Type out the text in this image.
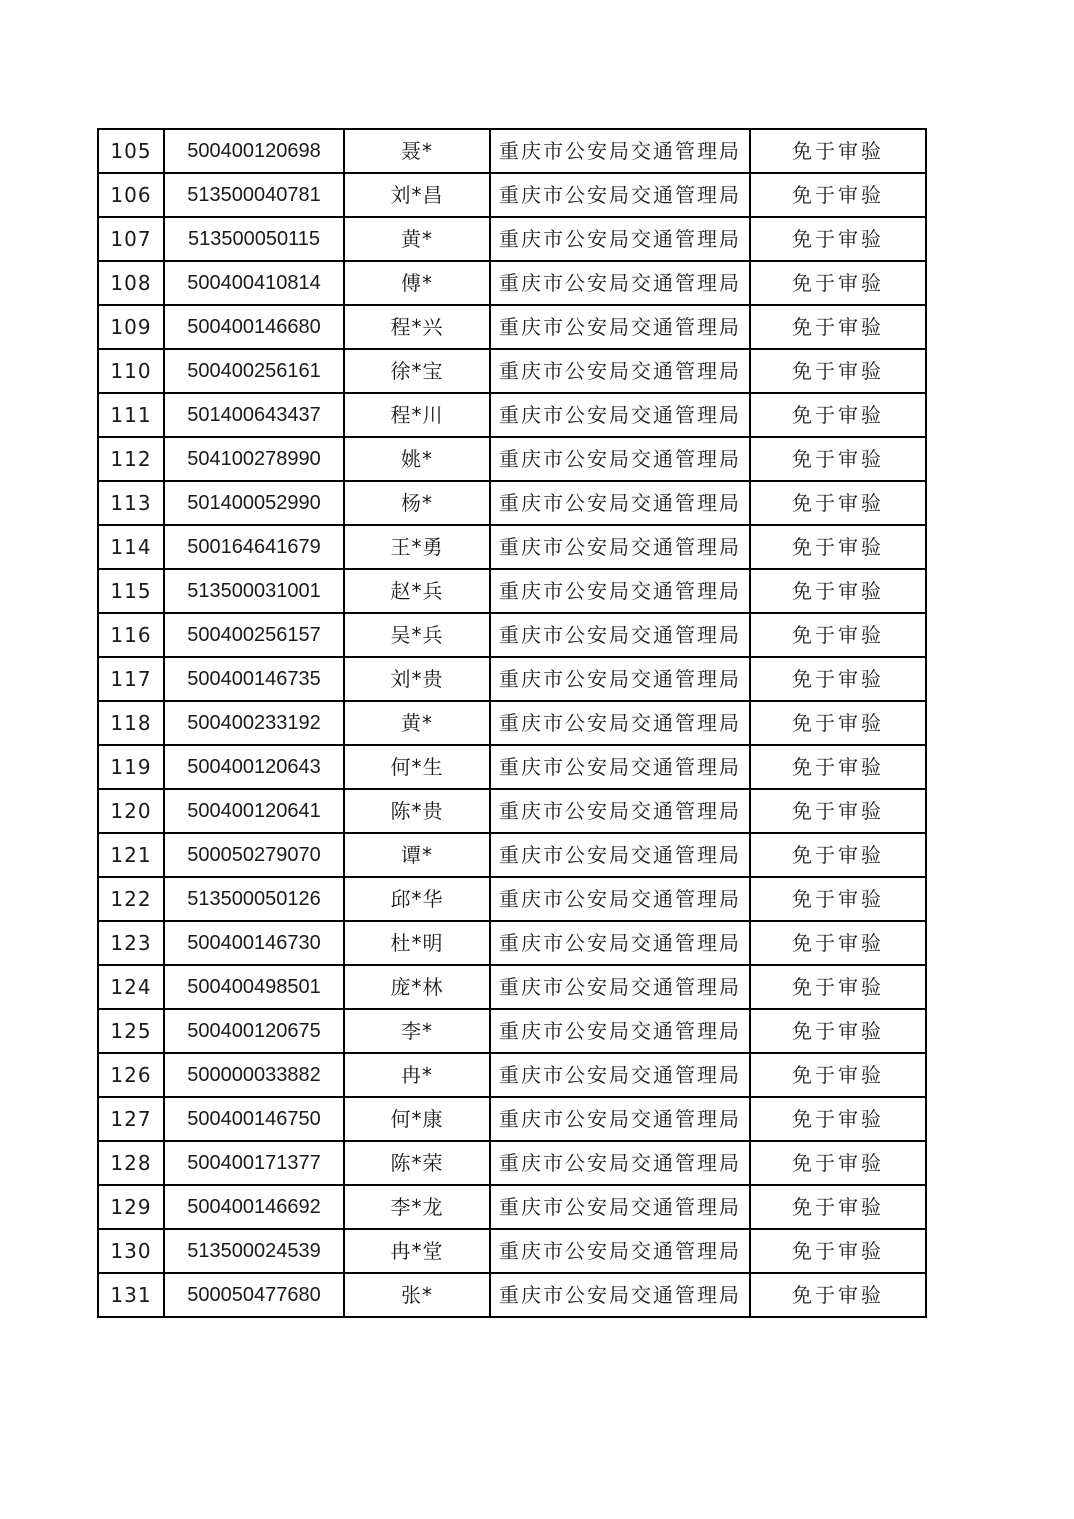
105	500400120698	聂*	重庆市公安局交通管理局	免于审验
106	513500040781	刘*昌	重庆市公安局交通管理局	免于审验
107	513500050115	黄*	重庆市公安局交通管理局	免于审验
108	500400410814	傅*	重庆市公安局交通管理局	免于审验
109	500400146680	程*兴	重庆市公安局交通管理局	免于审验
110	500400256161	徐*宝	重庆市公安局交通管理局	免于审验
111	501400643437	程*川	重庆市公安局交通管理局	免于审验
112	504100278990	姚*	重庆市公安局交通管理局	免于审验
113	501400052990	杨*	重庆市公安局交通管理局	免于审验
114	500164641679	王*勇	重庆市公安局交通管理局	免于审验
115	513500031001	赵*兵	重庆市公安局交通管理局	免于审验
116	500400256157	吴*兵	重庆市公安局交通管理局	免于审验
117	500400146735	刘*贵	重庆市公安局交通管理局	免于审验
118	500400233192	黄*	重庆市公安局交通管理局	免于审验
119	500400120643	何*生	重庆市公安局交通管理局	免于审验
120	500400120641	陈*贵	重庆市公安局交通管理局	免于审验
121	500050279070	谭*	重庆市公安局交通管理局	免于审验
122	513500050126	邱*华	重庆市公安局交通管理局	免于审验
123	500400146730	杜*明	重庆市公安局交通管理局	免于审验
124	500400498501	庞*林	重庆市公安局交通管理局	免于审验
125	500400120675	李*	重庆市公安局交通管理局	免于审验
126	500000033882	冉*	重庆市公安局交通管理局	免于审验
127	500400146750	何*康	重庆市公安局交通管理局	免于审验
128	500400171377	陈*荣	重庆市公安局交通管理局	免于审验
129	500400146692	李*龙	重庆市公安局交通管理局	免于审验
130	513500024539	冉*堂	重庆市公安局交通管理局	免于审验
131	500050477680	张*	重庆市公安局交通管理局	免于审验
